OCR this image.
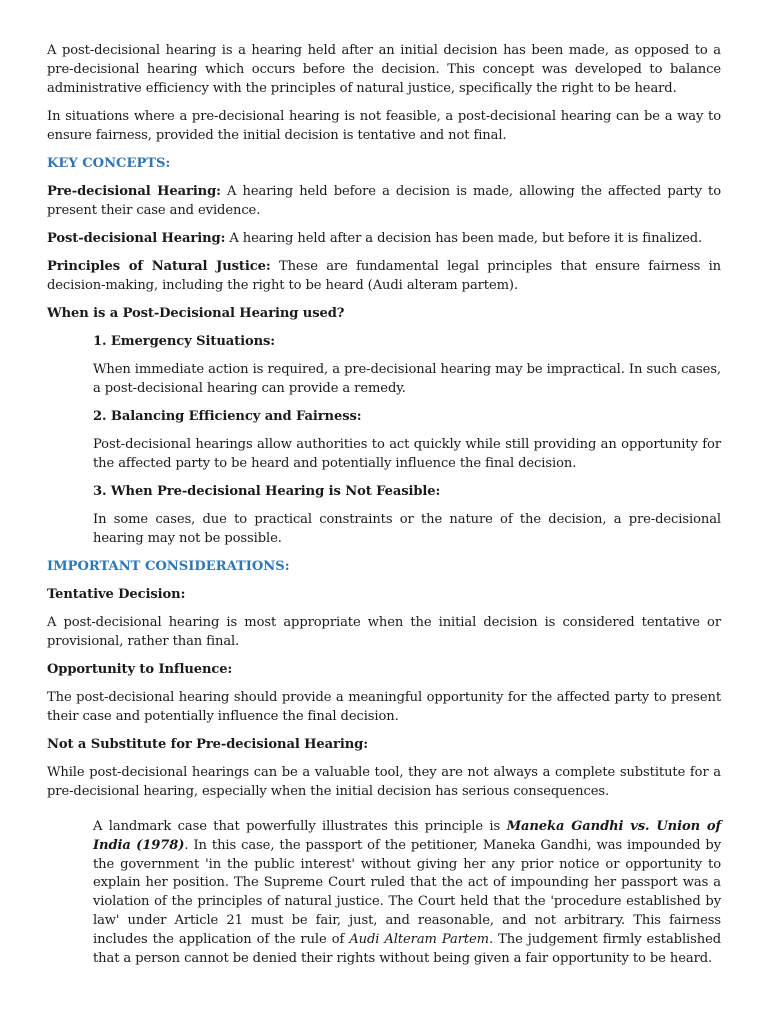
A post-decisional hearing is a hearing held after an initial decision has been made, as opposed to a pre-decisional hearing which occurs before the decision. This concept was developed to balance administrative efficiency with the principles of natural justice, specifically the right to be heard.

In situations where a pre-decisional hearing is not feasible, a post-decisional hearing can be a way to ensure fairness, provided the initial decision is tentative and not final.

KEY CONCEPTS:

Pre-decisional Hearing: A hearing held before a decision is made, allowing the affected party to present their case and evidence.

Post-decisional Hearing: A hearing held after a decision has been made, but before it is finalized.

Principles of Natural Justice: These are fundamental legal principles that ensure fairness in decision-making, including the right to be heard (Audi alteram partem).

When is a Post-Decisional Hearing used?

1. Emergency Situations:

When immediate action is required, a pre-decisional hearing may be impractical. In such cases, a post-decisional hearing can provide a remedy.

2. Balancing Efficiency and Fairness:

Post-decisional hearings allow authorities to act quickly while still providing an opportunity for the affected party to be heard and potentially influence the final decision.

3. When Pre-decisional Hearing is Not Feasible:

In some cases, due to practical constraints or the nature of the decision, a pre-decisional hearing may not be possible.

IMPORTANT CONSIDERATIONS:

Tentative Decision:

A post-decisional hearing is most appropriate when the initial decision is considered tentative or provisional, rather than final.

Opportunity to Influence:

The post-decisional hearing should provide a meaningful opportunity for the affected party to present their case and potentially influence the final decision.

Not a Substitute for Pre-decisional Hearing:

While post-decisional hearings can be a valuable tool, they are not always a complete substitute for a pre-decisional hearing, especially when the initial decision has serious consequences.

A landmark case that powerfully illustrates this principle is Maneka Gandhi vs. Union of India (1978). In this case, the passport of the petitioner, Maneka Gandhi, was impounded by the government 'in the public interest' without giving her any prior notice or opportunity to explain her position. The Supreme Court ruled that the act of impounding her passport was a violation of the principles of natural justice. The Court held that the 'procedure established by law' under Article 21 must be fair, just, and reasonable, and not arbitrary. This fairness includes the application of the rule of Audi Alteram Partem. The judgement firmly established that a person cannot be denied their rights without being given a fair opportunity to be heard.
